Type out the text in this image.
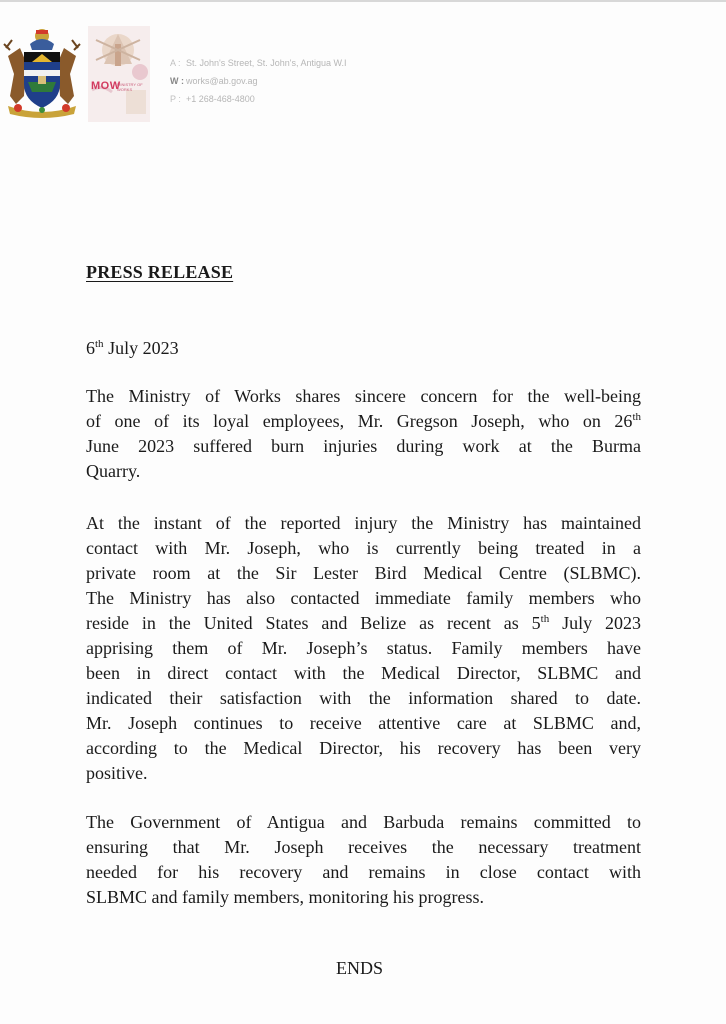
MOW
MINISTRY OF WORKS
A : St. John's Street, St. John's, Antigua W.I
W : works@ab.gov.ag
P : +1 268-468-4800
PRESS RELEASE
6th July 2023
The Ministry of Works shares sincere concern for the well-being
of one of its loyal employees, Mr. Gregson Joseph, who on 26th
June 2023 suffered burn injuries during work at the Burma
Quarry.
At the instant of the reported injury the Ministry has maintained
contact with Mr. Joseph, who is currently being treated in a
private room at the Sir Lester Bird Medical Centre (SLBMC).
The Ministry has also contacted immediate family members who
reside in the United States and Belize as recent as 5th July 2023
apprising them of Mr. Joseph’s status. Family members have
been in direct contact with the Medical Director, SLBMC and
indicated their satisfaction with the information shared to date.
Mr. Joseph continues to receive attentive care at SLBMC and,
according to the Medical Director, his recovery has been very
positive.
The Government of Antigua and Barbuda remains committed to
ensuring that Mr. Joseph receives the necessary treatment
needed for his recovery and remains in close contact with
SLBMC and family members, monitoring his progress.
ENDS
